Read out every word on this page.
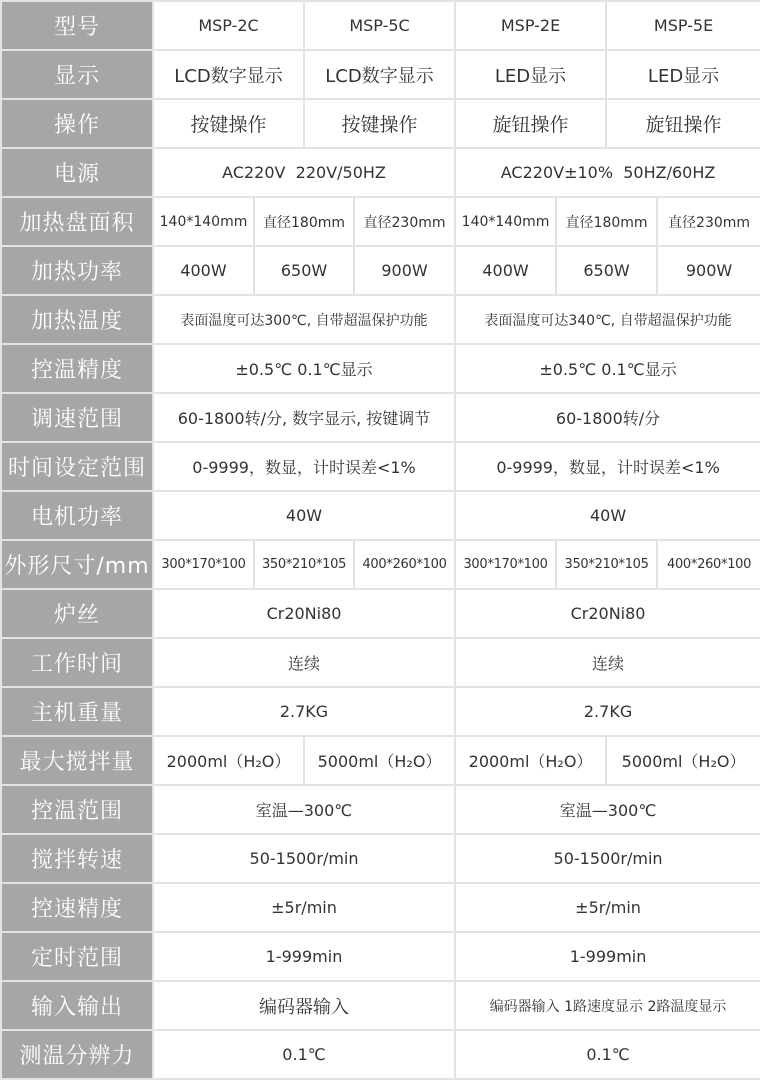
型号	MSP-2C		MSP-5C		MSP-2E		MSP-5E	
显示	LCD数字显示		LCD数字显示		LED显示		LED显示	
操作	按键操作		按键操作		旋钮操作		旋钮操作	
电源	AC220V  220V/50HZ				AC220V±10%  50HZ/60HZ			
加热盘面积	140*140mm	直径180mm		直径230mm	140*140mm	直径180mm		直径230mm
加热功率	400W	650W		900W	400W	650W		900W
加热温度	表面温度可达300℃, 自带超温保护功能				表面温度可达340℃, 自带超温保护功能			
控温精度	±0.5℃ 0.1℃显示				±0.5℃ 0.1℃显示			
调速范围	60-1800转/分, 数字显示, 按键调节				60-1800转/分			
时间设定范围	0-9999，数显，计时误差<1%				0-9999，数显，计时误差<1%			
电机功率	40W				40W			
外形尺寸/mm	300*170*100	350*210*105		400*260*100	300*170*100	350*210*105		400*260*100
炉丝	Cr20Ni80				Cr20Ni80			
工作时间	连续				连续			
主机重量	2.7KG				2.7KG			
最大搅拌量	2000ml（H₂O）		5000ml（H₂O）		2000ml（H₂O）		5000ml（H₂O）	
控温范围	室温—300℃				室温—300℃			
搅拌转速	50-1500r/min				50-1500r/min			
控速精度	±5r/min				±5r/min			
定时范围	1-999min				1-999min			
输入输出	编码器输入				编码器输入 1路速度显示 2路温度显示			
测温分辨力	0.1℃				0.1℃			
